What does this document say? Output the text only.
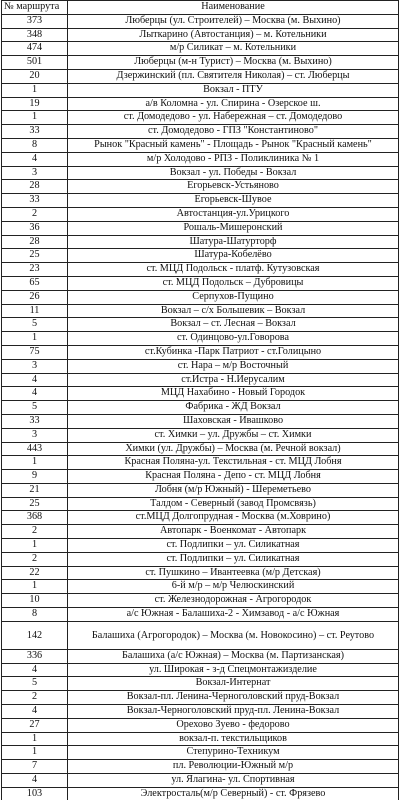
№ маршрута	Наименование
373	Люберцы (ул. Строителей) – Москва (м. Выхино)
348	Лыткарино (Автостанция) – м. Котельники
474	м/р Силикат – м. Котельники
501	Люберцы (м-н Турист) – Москва (м. Выхино)
20	Дзержинский (пл. Святителя Николая) – ст. Люберцы
1	Вокзал - ПТУ
19	а/в Коломна - ул. Спирина - Озерское ш.
1	ст. Домодедово - ул. Набережная – ст. Домодедово
33	ст. Домодедово - ГПЗ "Константиново"
8	Рынок "Красный камень" - Площадь - Рынок "Красный камень"
4	м/р Холодово - РПЗ - Поликлиника № 1
3	Вокзал - ул. Победы - Вокзал
28	Егорьевск-Устьяново
33	Егорьевск-Шувое
2	Автостанция-ул.Урицкого
36	Рошаль-Мишеронский
28	Шатура-Шатурторф
25	Шатура-Кобелёво
23	ст. МЦД Подольск - платф. Кутузовская
65	ст. МЦД Подольск – Дубровицы
26	Серпухов-Пущино
11	Вокзал – с/х Большевик – Вокзал
5	Вокзал – ст. Лесная – Вокзал
1	ст. Одинцово-ул.Говорова
75	ст.Кубинка -Парк Патриот - ст.Голицыно
3	ст. Нара – м/р Восточный
4	ст.Истра - Н.Иерусалим
4	МЦД Нахабино - Новый Городок
5	Фабрика - ЖД Вокзал
33	Шаховская - Ивашково
3	ст. Химки – ул. Дружбы – ст. Химки
443	Химки (ул. Дружбы) – Москва (м. Речной вокзал)
1	Красная Поляна-ул. Текстильная - ст. МЦД Лобня
9	Красная Поляна - Депо - ст. МЦД Лобня
21	Лобня (м/р Южный) - Шереметьево
25	Талдом - Северный (завод Промсвязь)
368	ст.МЦД Долгопрудная - Москва (м.Ховрино)
2	Автопарк - Военкомат - Автопарк
1	ст. Подлипки – ул. Силикатная
2	ст. Подлипки – ул. Силикатная
22	ст. Пушкино – Ивантеевка (м/р Детская)
1	6-й м/р – м/р Челюскинский
10	ст. Железнодорожная - Агрогородок
8	а/с Южная - Балашиха-2 - Химзавод - а/с Южная
142	Балашиха (Агрогородок) – Москва (м. Новокосино) – ст. Реутово
336	Балашиха (а/с Южная) – Москва (м. Партизанская)
4	ул. Широкая - з-д Спецмонтажизделие
5	Вокзал-Интернат
2	Вокзал-пл. Ленина-Черноголовский пруд-Вокзал
4	Вокзал-Черноголовский пруд-пл. Ленина-Вокзал
27	Орехово Зуево - федорово
1	вокзал-п. текстильщиков
1	Степурино-Техникум
7	пл. Революции-Южный м/р
4	ул. Ялагина- ул. Спортивная
103	Электросталь(м/р Северный) - ст. Фрязево
